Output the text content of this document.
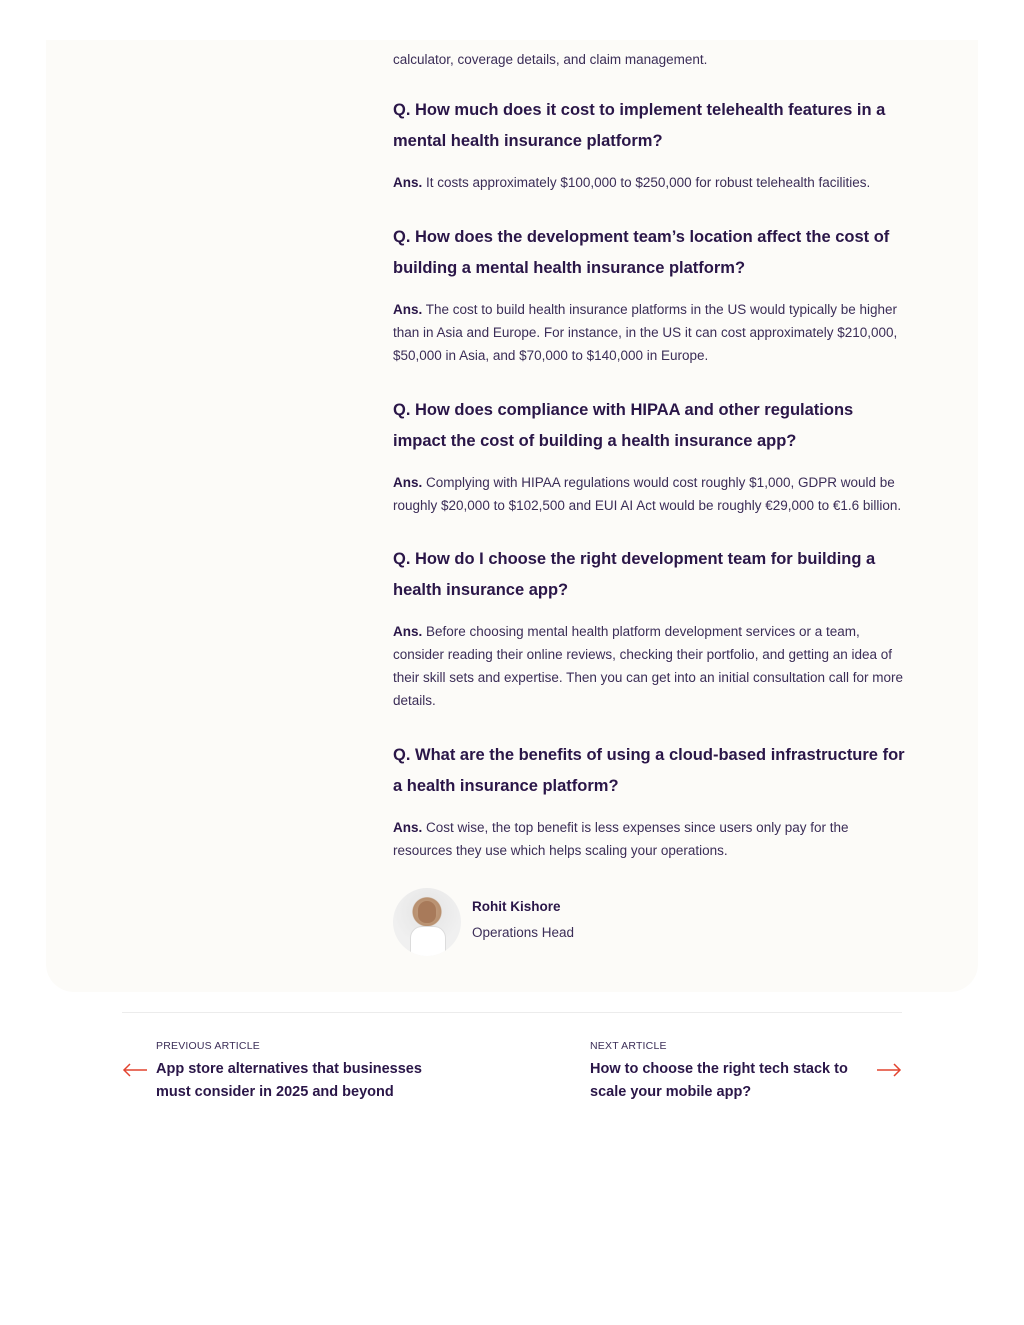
calculator, coverage details, and claim management.

Q. How much does it cost to implement telehealth features in a mental health insurance platform?

Ans. It costs approximately $100,000 to $250,000 for robust telehealth facilities.

Q. How does the development team’s location affect the cost of building a mental health insurance platform?

Ans. The cost to build health insurance platforms in the US would typically be higher than in Asia and Europe. For instance, in the US it can cost approximately $210,000, $50,000 in Asia, and $70,000 to $140,000 in Europe.

Q. How does compliance with HIPAA and other regulations impact the cost of building a health insurance app?

Ans. Complying with HIPAA regulations would cost roughly $1,000, GDPR would be roughly $20,000 to $102,500 and EUI AI Act would be roughly €29,000 to €1.6 billion.

Q. How do I choose the right development team for building a health insurance app?

Ans. Before choosing mental health platform development services or a team, consider reading their online reviews, checking their portfolio, and getting an idea of their skill sets and expertise. Then you can get into an initial consultation call for more details.

Q. What are the benefits of using a cloud-based infrastructure for a health insurance platform?

Ans. Cost wise, the top benefit is less expenses since users only pay for the resources they use which helps scaling your operations.

Rohit Kishore
Operations Head
PREVIOUS ARTICLE
App store alternatives that businesses must consider in 2025 and beyond
NEXT ARTICLE
How to choose the right tech stack to scale your mobile app?
